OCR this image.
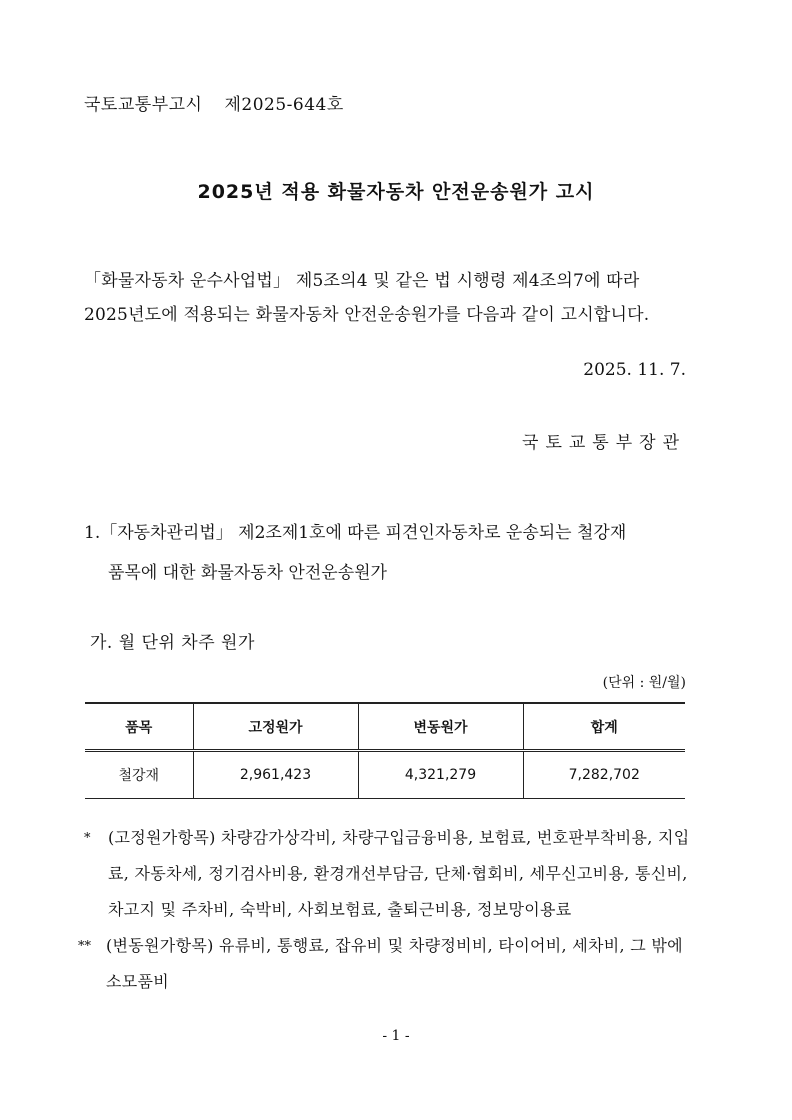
국토교통부고시 제2025-644호
2025년 적용 화물자동차 안전운송원가 고시
「화물자동차 운수사업법」 제5조의4 및 같은 법 시행령 제4조의7에 따라
2025년도에 적용되는 화물자동차 안전운송원가를 다음과 같이 고시합니다.
2025. 11. 7.
국토교통부장관
1.「자동차관리법」 제2조제1호에 따른 피견인자동차로 운송되는 철강재
품목에 대한 화물자동차 안전운송원가
가. 월 단위 차주 원가
(단위 : 원/월)
품목	고정원가	변동원가	합계
철강재	2,961,423	4,321,279	7,282,702
*	(고정원가항목) 차량감가상각비, 차량구입금융비용, 보험료, 번호판부착비용, 지입료, 자동차세, 정기검사비용, 환경개선부담금, 단체·협회비, 세무신고비용, 통신비, 차고지 및 주차비, 숙박비, 사회보험료, 출퇴근비용, 정보망이용료
** (변동원가항목) 유류비, 통행료, 잡유비 및 차량정비비, 타이어비, 세차비, 그 밖에 소모품비
- 1 -
